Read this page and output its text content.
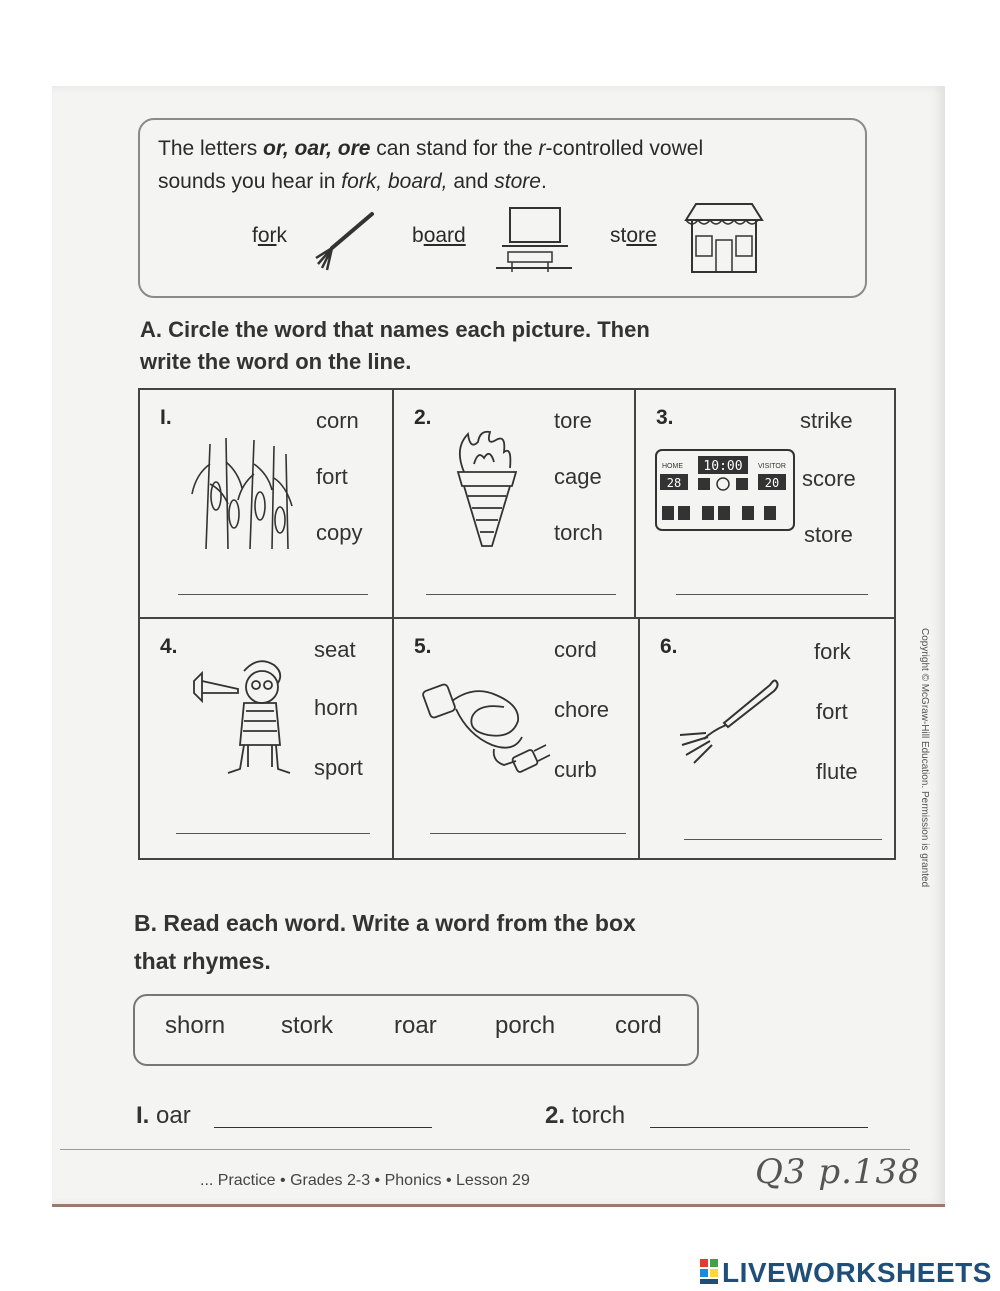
The letters or, oar, ore can stand for the r-controlled vowel
sounds you hear in fork, board, and store.
fork	board	store
A. Circle the word that names each picture. Then
write the word on the line.
I.	corn
fort
copy
2.	tore
cage
torch
3.	strike
score
store
10:00
HOME	VISITOR
28	20
4.	seat
horn
sport
5.	cord
chore
curb
6.	fork
fort
flute
B. Read each word. Write a word from the box
that rhymes.
shorn stork	roar porch cord
I. oar	2. torch
... Practice • Grades 2-3 • Phonics • Lesson 29	Q3 p.138
Copyright © McGraw-Hill Education. Permission is granted
LIVEWORKSHEETS
